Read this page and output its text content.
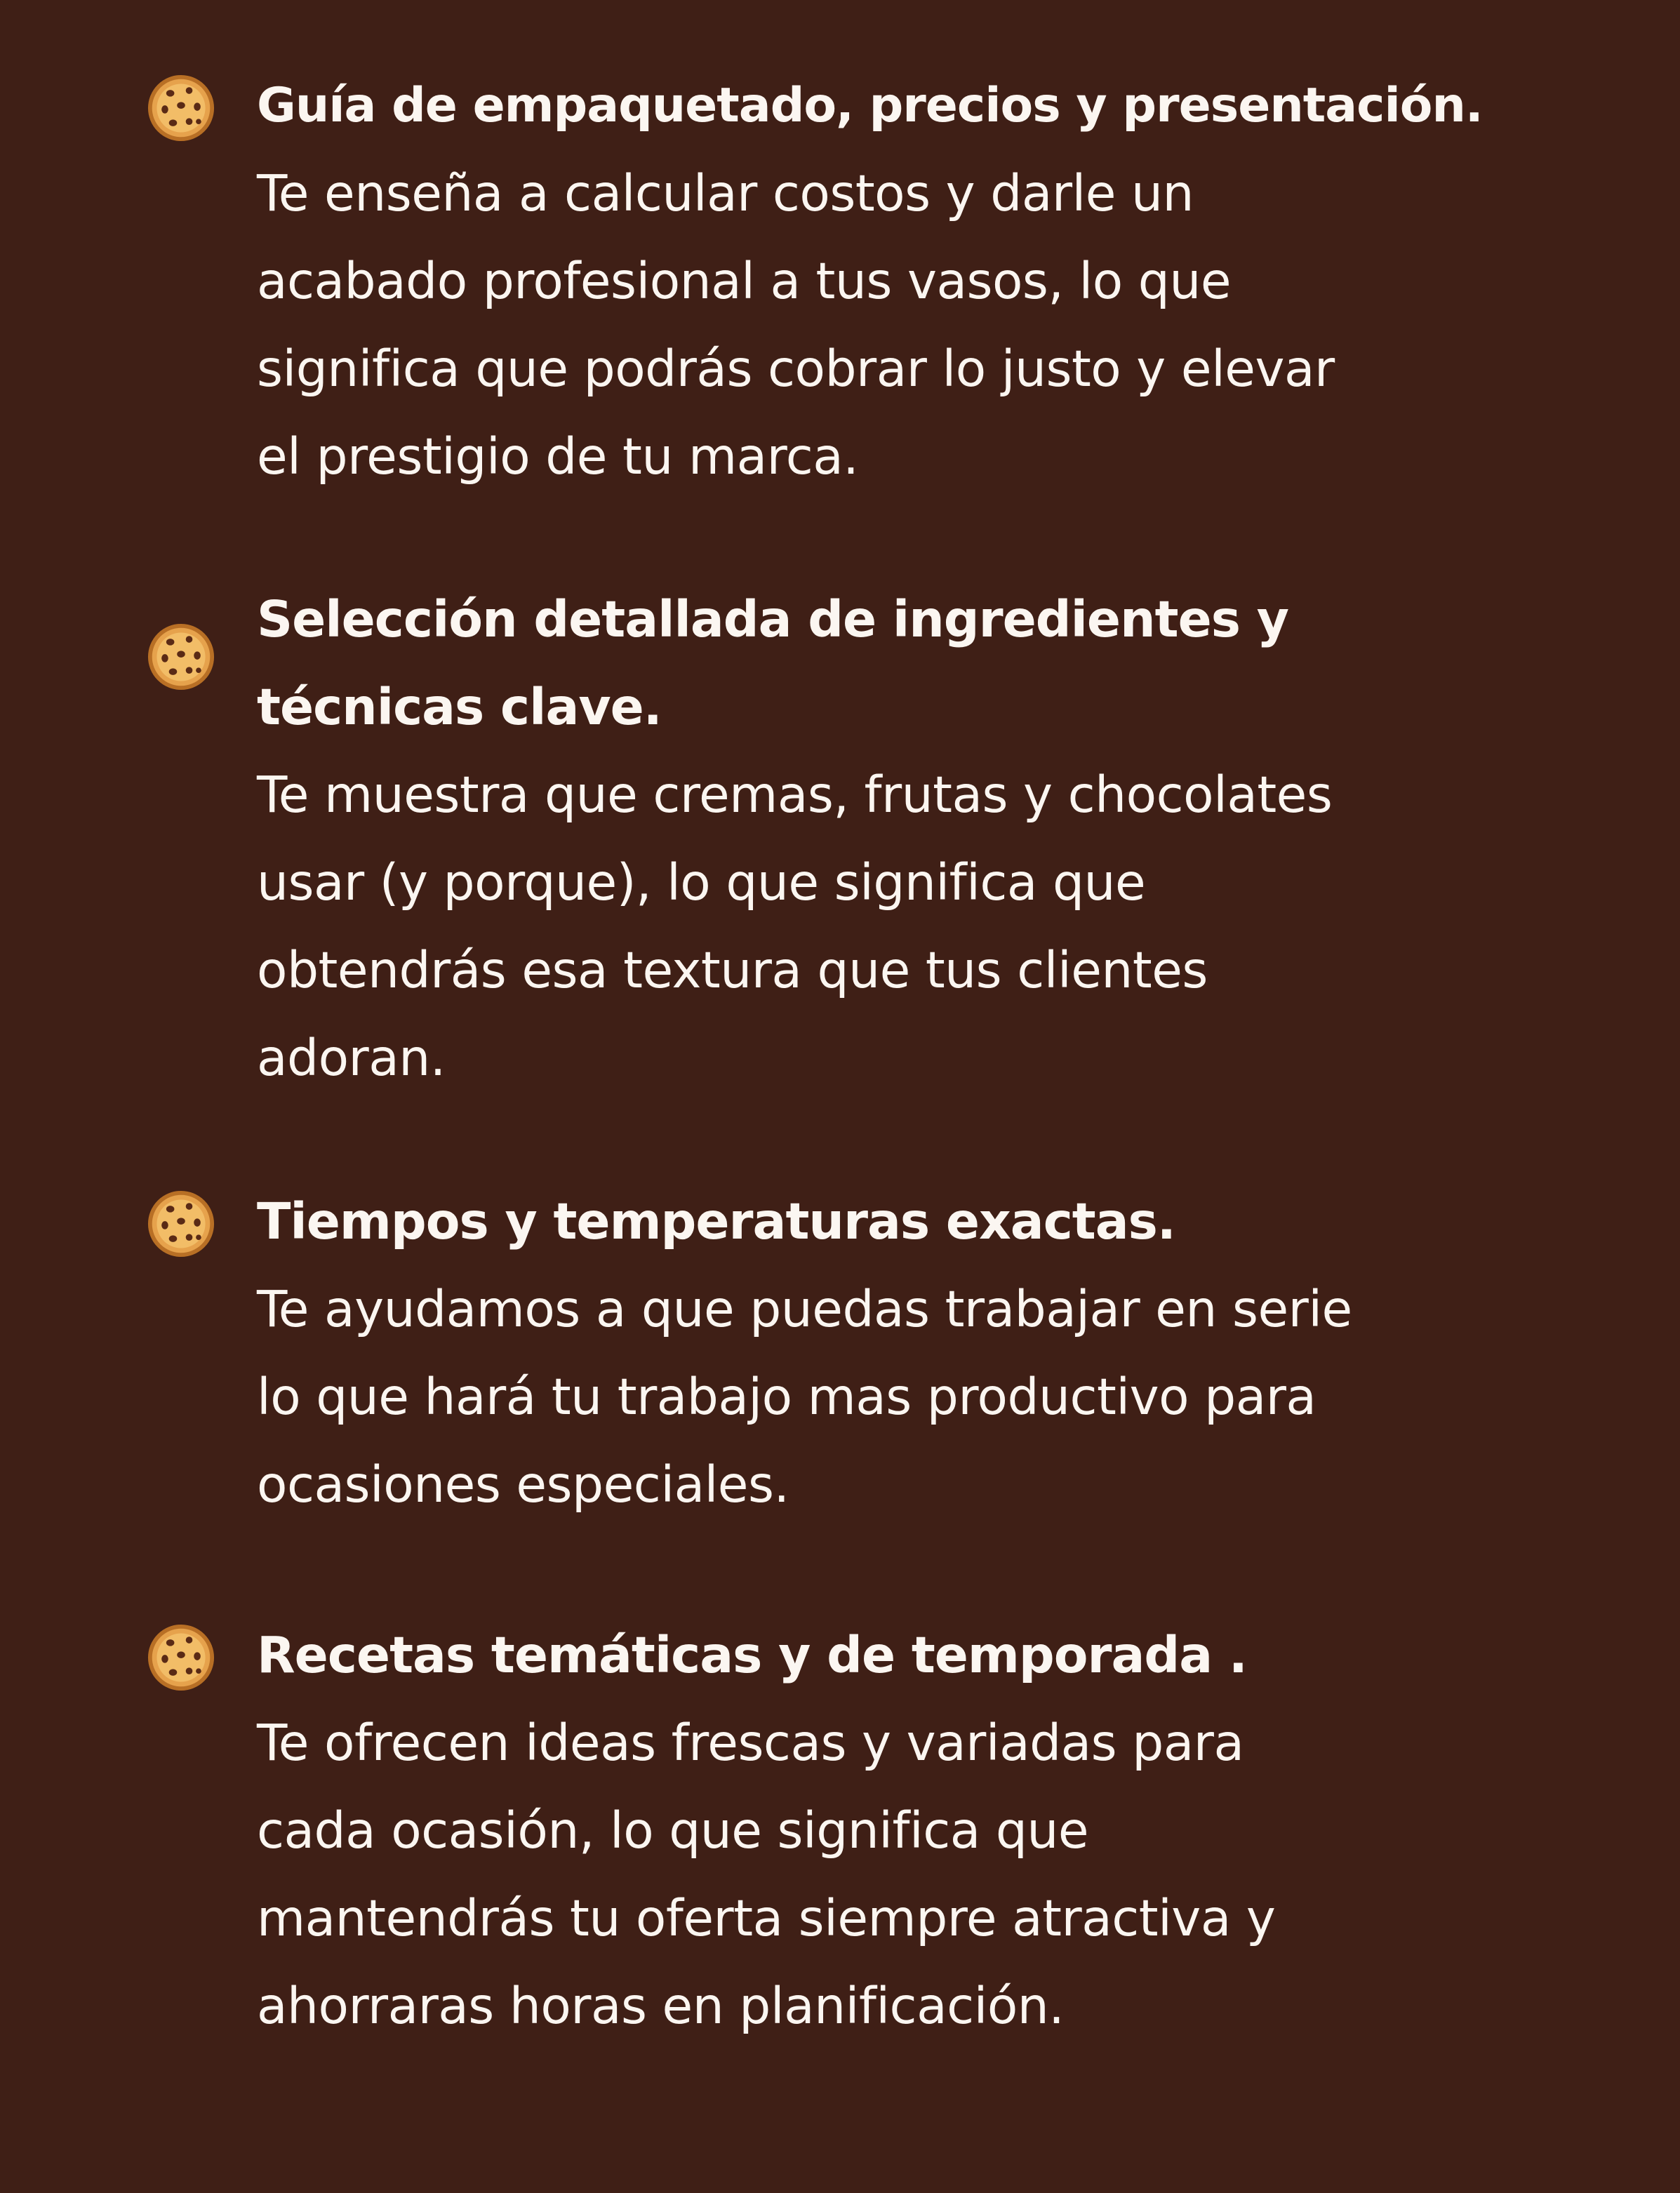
Guía de empaquetado, precios y presentación.
Te enseña a calcular costos y darle un
acabado profesional a tus vasos, lo que
significa que podrás cobrar lo justo y elevar
el prestigio de tu marca.
Selección detallada de ingredientes y
técnicas clave.
Te muestra que cremas, frutas y chocolates
usar (y porque), lo que significa que
obtendrás esa textura que tus clientes
adoran.
Tiempos y temperaturas exactas.
Te ayudamos a que puedas trabajar en serie
lo que hará tu trabajo mas productivo para
ocasiones especiales.
Recetas temáticas y de temporada .
Te ofrecen ideas frescas y variadas para
cada ocasión, lo que significa que
mantendrás tu oferta siempre atractiva y
ahorraras horas en planificación.
